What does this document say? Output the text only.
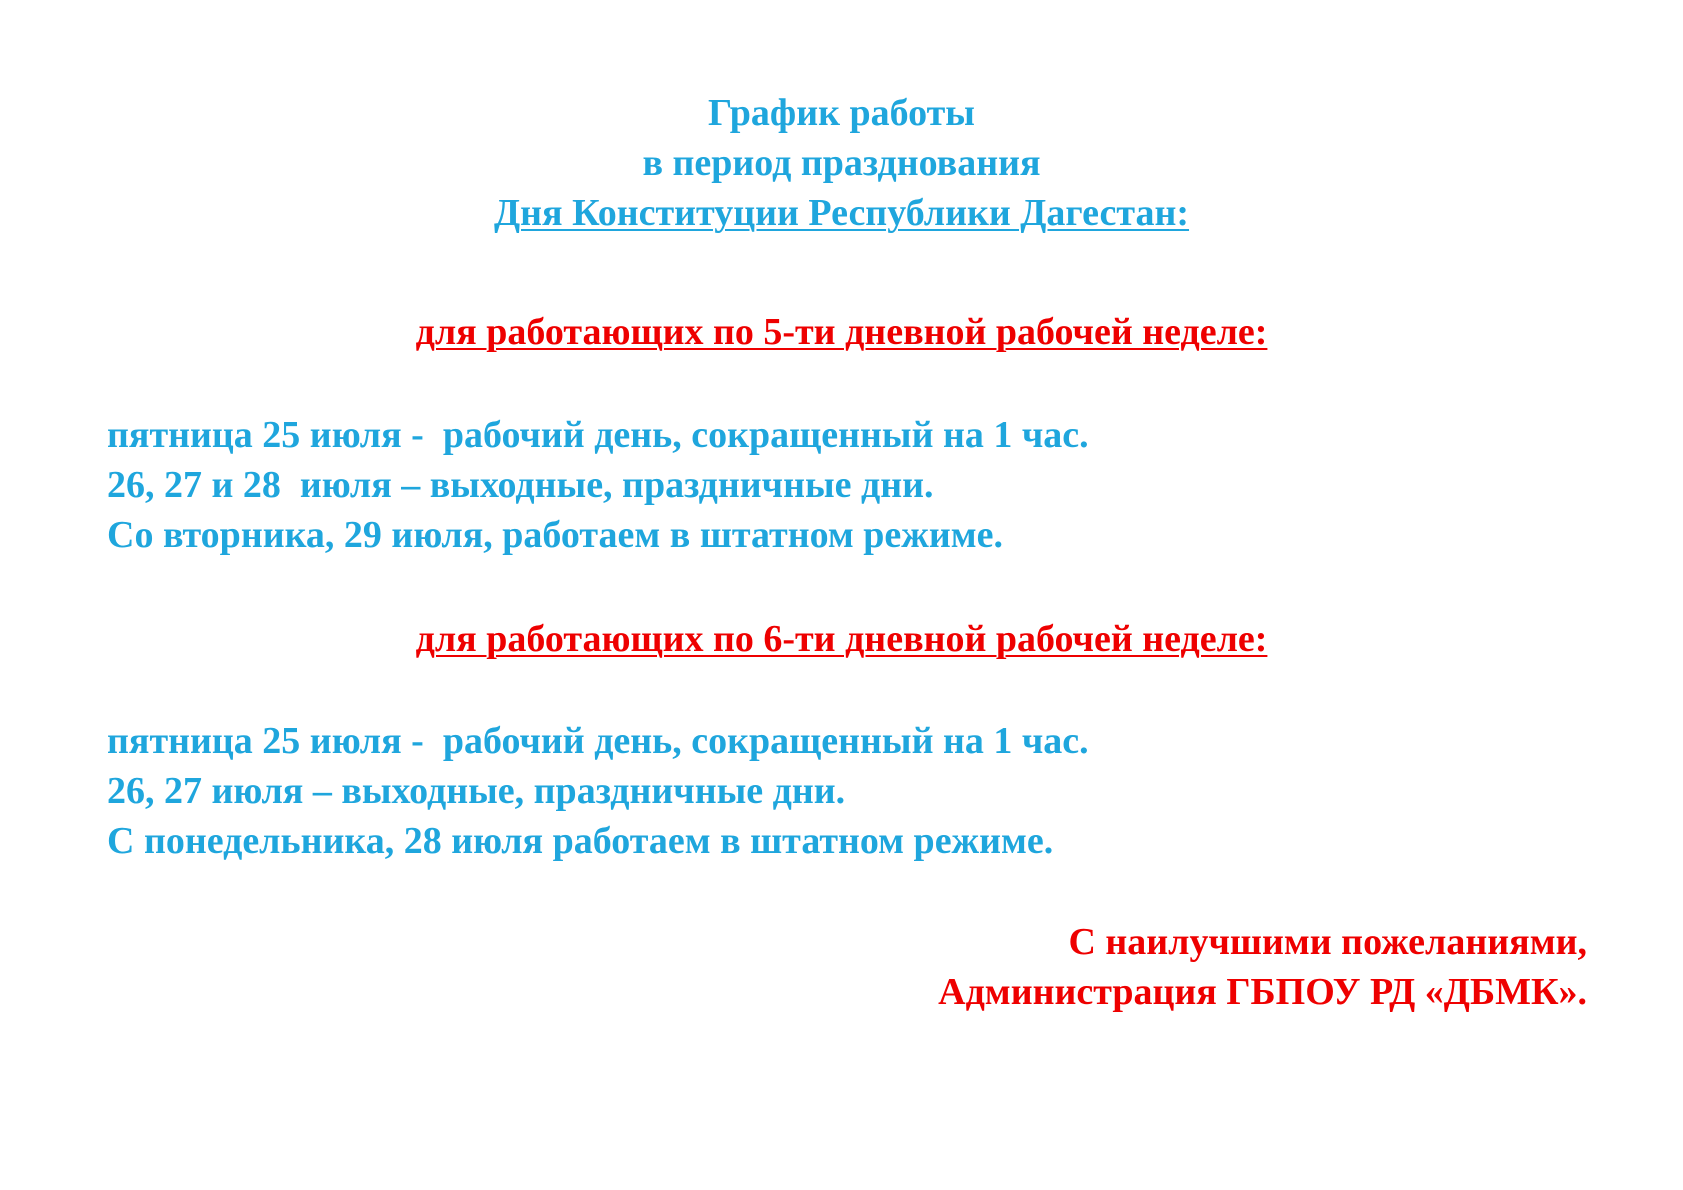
График работы
в период празднования
Дня Конституции Республики Дагестан:
для работающих по 5-ти дневной рабочей неделе:
пятница 25 июля -  рабочий день, сокращенный на 1 час.
26, 27 и 28  июля – выходные, праздничные дни.
Со вторника, 29 июля, работаем в штатном режиме.
для работающих по 6-ти дневной рабочей неделе:
пятница 25 июля -  рабочий день, сокращенный на 1 час.
26, 27 июля – выходные, праздничные дни.
С понедельника, 28 июля работаем в штатном режиме.
С наилучшими пожеланиями,
Администрация ГБПОУ РД «ДБМК».
